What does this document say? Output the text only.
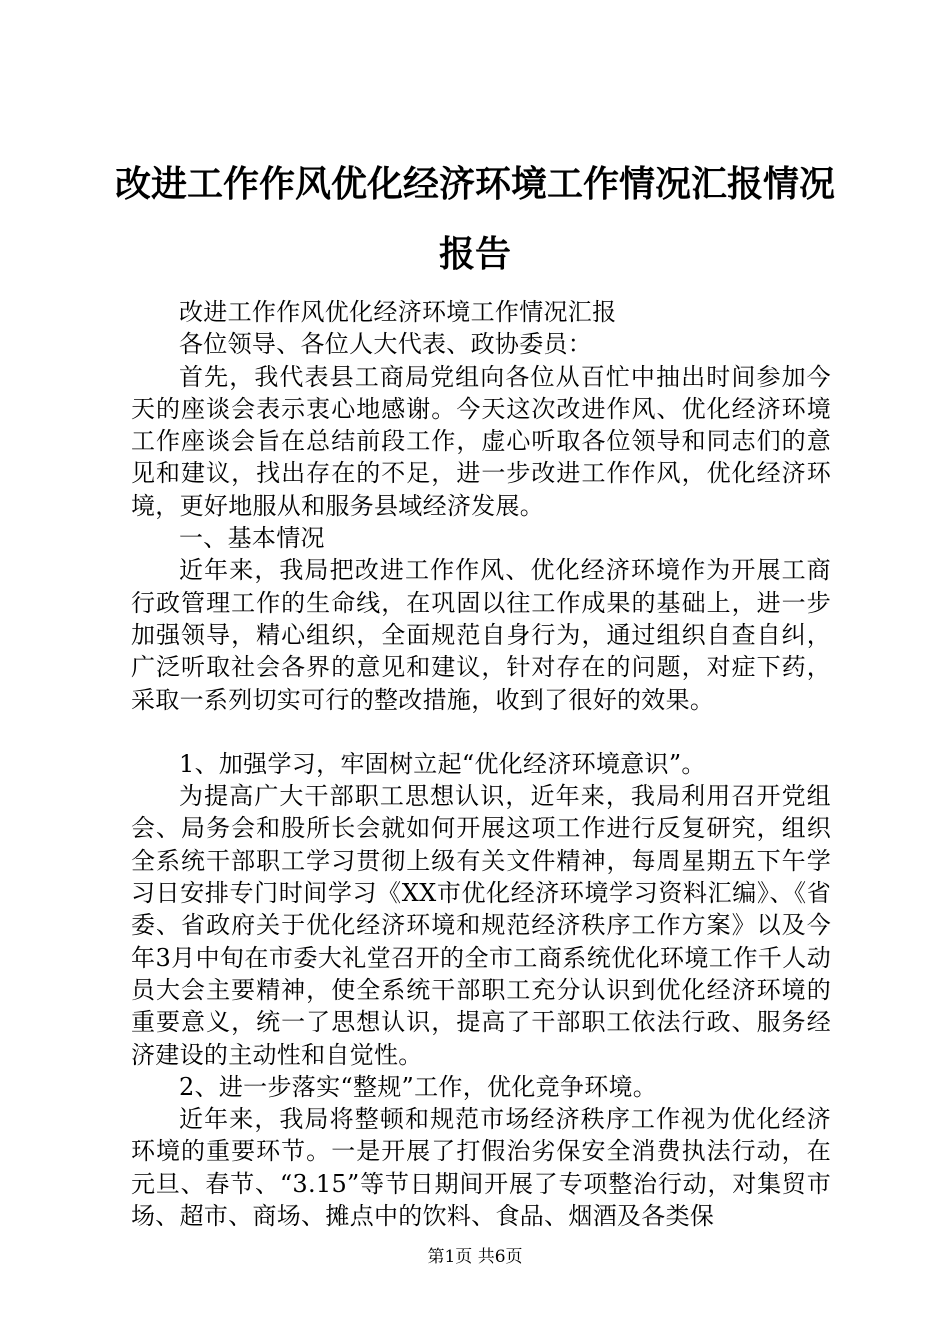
改进工作作风优化经济环境工作情况汇报情况
报告

改进工作作风优化经济环境工作情况汇报

各位领导、各位人大代表、政协委员：

首先，我代表县工商局党组向各位从百忙中抽出时间参加今天的座谈会表示衷心地感谢。今天这次改进作风、优化经济环境工作座谈会旨在总结前段工作，虚心听取各位领导和同志们的意见和建议，找出存在的不足，进一步改进工作作风，优化经济环境，更好地服从和服务县域经济发展。

一、基本情况

近年来，我局把改进工作作风、优化经济环境作为开展工商行政管理工作的生命线，在巩固以往工作成果的基础上，进一步加强领导，精心组织，全面规范自身行为，通过组织自查自纠，广泛听取社会各界的意见和建议，针对存在的问题，对症下药，采取一系列切实可行的整改措施，收到了很好的效果。

1、加强学习，牢固树立起“优化经济环境意识”。

为提高广大干部职工思想认识，近年来，我局利用召开党组会、局务会和股所长会就如何开展这项工作进行反复研究，组织全系统干部职工学习贯彻上级有关文件精神，每周星期五下午学习日安排专门时间学习《XX市优化经济环境学习资料汇编》、《省委、省政府关于优化经济环境和规范经济秩序工作方案》以及今年3月中旬在市委大礼堂召开的全市工商系统优化环境工作千人动员大会主要精神，使全系统干部职工充分认识到优化经济环境的重要意义，统一了思想认识，提高了干部职工依法行政、服务经济建设的主动性和自觉性。

2、进一步落实“整规”工作，优化竞争环境。

近年来，我局将整顿和规范市场经济秩序工作视为优化经济环境的重要环节。一是开展了打假治劣保安全消费执法行动，在元旦、春节、“3.15”等节日期间开展了专项整治行动，对集贸市场、超市、商场、摊点中的饮料、食品、烟酒及各类保

第1页 共6页
